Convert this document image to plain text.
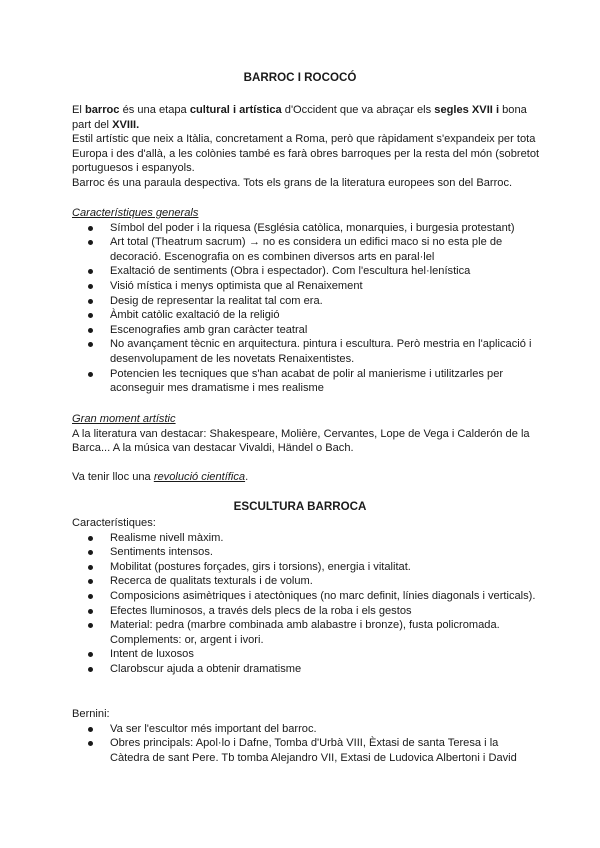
BARROC I ROCOCÓ

El barroc és una etapa cultural i artística d'Occident que va abraçar els segles XVII i bona part del XVIII.

Estil artístic que neix a Itàlia, concretament a Roma, però que ràpidament s'expandeix per tota Europa i des d'allà, a les colònies també es farà obres barroques per la resta del món (sobretot portuguesos i espanyols.

Barroc és una paraula despectiva. Tots els grans de la literatura europees son del Barroc.

Característiques generals

Símbol del poder i la riquesa (Església catòlica, monarquies, i burgesia protestant)
Art total (Theatrum sacrum) → no es considera un edifici maco si no esta ple de decoració. Escenografia on es combinen diversos arts en paral·lel
Exaltació de sentiments (Obra i espectador). Com l'escultura hel·lenística
Visió mística i menys optimista que al Renaixement
Desig de representar la realitat tal com era.
Àmbit catòlic exaltació de la religió
Escenografies amb gran caràcter teatral
No avançament tècnic en arquitectura. pintura i escultura. Però mestria en l'aplicació i desenvolupament de les novetats Renaixentistes.
Potencien les tecniques que s'han acabat de polir al manierisme i utilitzarles per aconseguir mes dramatisme i mes realisme

Gran moment artístic

A la literatura van destacar: Shakespeare, Molière, Cervantes, Lope de Vega i Calderón de la Barca... A la música van destacar Vivaldi, Händel o Bach.

Va tenir lloc una revolució científica.

ESCULTURA BARROCA

Característiques:

Realisme nivell màxim.
Sentiments intensos.
Mobilitat (postures forçades, girs i torsions), energia i vitalitat.
Recerca de qualitats texturals i de volum.
Composicions asimètriques i atectòniques (no marc definit, línies diagonals i verticals).
Efectes lluminosos, a través dels plecs de la roba i els gestos
Material: pedra (marbre combinada amb alabastre i bronze), fusta policromada. Complements: or, argent i ivori.
Intent de luxosos
Clarobscur ajuda a obtenir dramatisme

Bernini:

Va ser l'escultor més important del barroc.
Obres principals: Apol·lo i Dafne, Tomba d'Urbà VIII, Èxtasi de santa Teresa i la Càtedra de sant Pere. Tb tomba Alejandro VII, Extasi de Ludovica Albertoni i David
